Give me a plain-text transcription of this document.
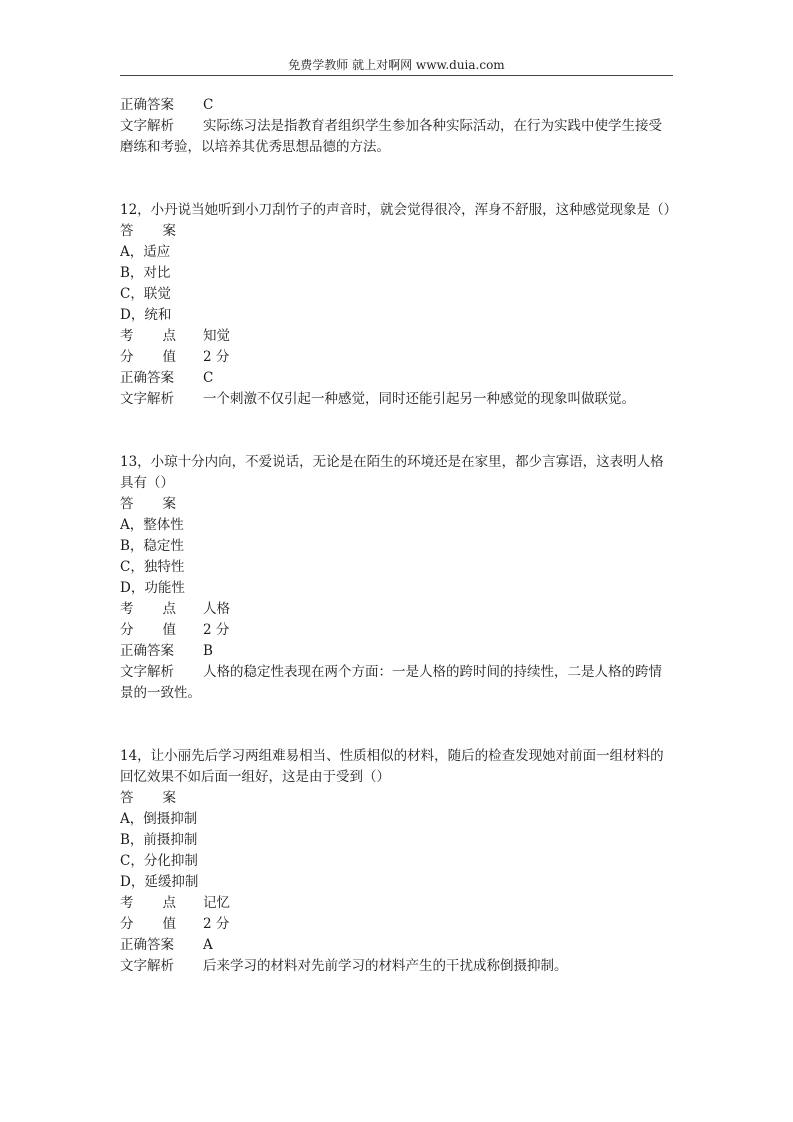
免费学教师 就上对啊网 www.duia.com
正确答案	C
文字解析	实际练习法是指教育者组织学生参加各种实际活动，在行为实践中使学生接受
磨练和考验，以培养其优秀思想品德的方法。
12，小丹说当她听到小刀刮竹子的声音时，就会觉得很冷，浑身不舒服，这种感觉现象是（）
答 案
A，适应
B，对比
C，联觉
D，统和
考 点 知觉
分 值 2 分
正确答案	C
文字解析	一个刺激不仅引起一种感觉，同时还能引起另一种感觉的现象叫做联觉。
13，小琼十分内向，不爱说话，无论是在陌生的环境还是在家里，都少言寡语，这表明人格
具有（）
答 案
A，整体性
B，稳定性
C，独特性
D，功能性
考 点 人格
分 值 2 分
正确答案	B
文字解析	人格的稳定性表现在两个方面：一是人格的跨时间的持续性，二是人格的跨情
景的一致性。
14，让小丽先后学习两组难易相当、性质相似的材料，随后的检查发现她对前面一组材料的
回忆效果不如后面一组好，这是由于受到（）
答 案
A，倒摄抑制
B，前摄抑制
C，分化抑制
D，延缓抑制
考 点 记忆
分 值 2 分
正确答案	A
文字解析	后来学习的材料对先前学习的材料产生的干扰成称倒摄抑制。
